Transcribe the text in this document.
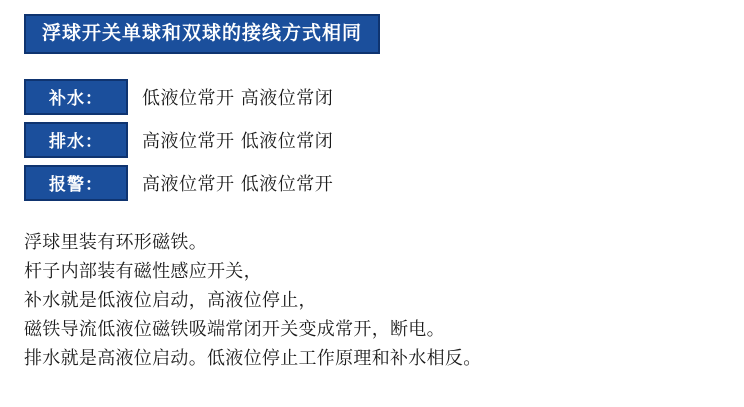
浮球开关单球和双球的接线方式相同
补水：	低液位常开 高液位常闭
排水：	高液位常开 低液位常闭
报警：	高液位常开 低液位常开
浮球里装有环形磁铁。
杆子内部装有磁性感应开关，
补水就是低液位启动，高液位停止，
磁铁导流低液位磁铁吸端常闭开关变成常开，断电。
排水就是高液位启动。低液位停止工作原理和补水相反。
